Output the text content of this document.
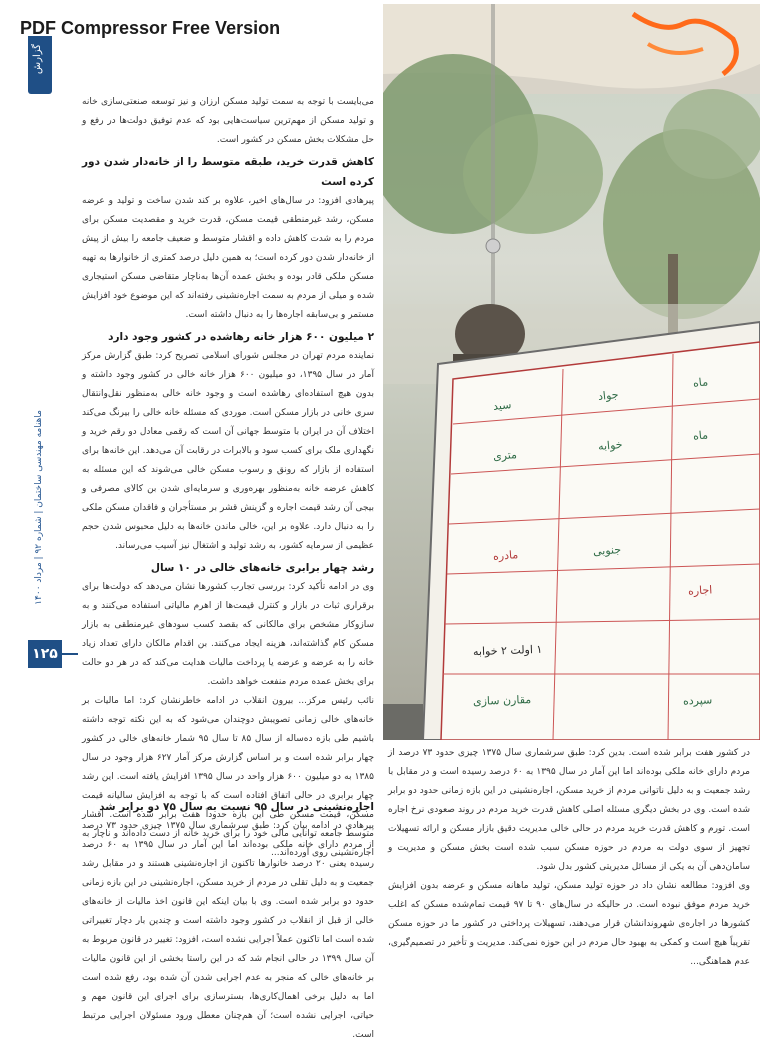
PDF Compressor Free Version
گزارش
ماهنامه مهندسی ساختمان | شماره ۹۲ | مرداد ۱۴۰۰
۱۲۵

می‌بایست با توجه به سمت تولید مسکن ارزان و نیز توسعه صنعتی‌سازی خانه و تولید مسکن از مهم‌ترین سیاست‌هایی بود که عدم توفیق دولت‌ها در رفع و حل مشکلات بخش مسکن در کشور است.

کاهش قدرت خرید، طبقه متوسط را از خانه‌دار شدن دور کرده است

پیرهادی افزود: در سال‌های اخیر، علاوه بر کند شدن ساخت و تولید و عرضه مسکن، رشد غیرمنطقی قیمت مسکن، قدرت خرید و مقصدیت مسکن برای مردم را به شدت کاهش داده و اقشار متوسط و ضعیف جامعه را بیش از پیش از خانه‌دار شدن دور کرده است؛ به همین دلیل درصد کمتری از خانوارها به تهیه مسکن ملکی قادر بوده و بخش عمده آن‌ها به‌ناچار متقاضی مسکن استیجاری شده و میلی از مردم به سمت اجاره‌نشینی رفته‌اند که این موضوع خود افزایش مستمر و بی‌سابقه اجاره‌ها را به دنبال داشته است.

۲ میلیون ۶۰۰ هزار خانه رهاشده در کشور وجود دارد

نماینده مردم تهران در مجلس شورای اسلامی تصریح کرد: طبق گزارش مرکز آمار در سال ۱۳۹۵، دو میلیون ۶۰۰ هزار خانه خالی در کشور وجود داشته و بدون هیچ استفاده‌ای رهاشده است و وجود خانه خالی به‌منظور نقل‌وانتقال سری خانی در بازار مسکن است. موردی که مسئله خانه خالی را بیرنگ می‌کند اختلاف آن در ایران با متوسط جهانی آن است که رقمی معادل دو رقم خرید و نگهداری ملک برای کسب سود و بالابرات در رقابت آن می‌دهد. این خانه‌ها برای استفاده از بازار که رونق و رسوب مسکن خالی می‌شوند که این مسئله به کاهش عرضه خانه به‌منظور بهره‌وری و سرمایه‌ای شدن بن کالای مصرفی و بیجی آن رشد قیمت اجاره و گزینش قشر بر مستأجران و فاقدان مسکن ملکی را به دنبال دارد. علاوه بر این، خالی ماندن خانه‌ها به دلیل محبوس شدن حجم عظیمی از سرمایه کشور، به رشد تولید و اشتغال نیز آسیب می‌رساند.

رشد چهار برابری خانه‌های خالی در ۱۰ سال

وی در ادامه تأکید کرد: بررسی تجارب کشورها نشان می‌دهد که دولت‌ها برای برقراری ثبات در بازار و کنترل قیمت‌ها از اهرم مالیاتی استفاده می‌کنند و به سازوکار مشخص برای مالکانی که بقصد کسب سودهای غیرمنطقی به بازار مسکن کام گذاشته‌اند، هزینه ایجاد می‌کنند. بن اقدام مالکان دارای تعداد زیاد خانه را به عرضه و عرضه یا پرداخت مالیات هدایت می‌کند که در هر دو حالت برای بخش عمده مردم منفعت خواهد داشت.

نائب رئیس مرکز... بیرون انقلاب در ادامه خاطرنشان کرد: اما ماليات بر خانه‌های خالی زمانی تصویبش دوچندان می‌شود که به این نکته توجه داشته باشیم طی بازه ده‌ساله از سال ۸۵ تا سال ۹۵ شمار خانه‌های خالی در کشور چهار برابر شده است و بر اساس گزارش مرکز آمار ۶۲۷ هزار وجود در سال ۱۳۸۵ به دو میلیون ۶۰۰ هزار واحد در سال ۱۳۹۵ افزایش یافته است. این رشد چهار برابری در حالی اتفاق افتاده است که با توجه به افزایش سالیانه قیمت مسکن، قیمت مسکن طی این بازه حدوداً هفت برابر شده است. اقشار متوسط جامعه توانایی مالی خود را برای خرید خانه از دست داده‌اند و ناچار به اجاره‌نشینی روی آورده‌اند...

اجاره‌نشینی در سال ۹۵ نسبت به سال ۷۵ دو برابر شد

پیرهادی در ادامه بیان کرد: طبق سرشماری سال ۱۳۷۵ چیزی حدود ۷۳ درصد از مردم دارای خانه ملکی بوده‌اند اما این آمار در سال ۱۳۹۵ به ۶۰ درصد رسیده یعنی ۲۰ درصد خانوارها تاکنون از اجاره‌نشینی هستند و در مقابل رشد جمعیت و به دلیل تقلی در مردم از خرید مسکن، اجاره‌نشینی در این بازه زمانی حدود دو برابر شده است. وی با بیان اینکه این قانون اخذ مالیات از خانه‌های خالی از قبل از انقلاب در کشور وجود داشته است و چندین بار دچار تغییراتی شده است اما تاکنون عملاً اجرایی نشده است، افزود: تغییر در قانون مربوط به آن سال ۱۳۹۹ در حالی انجام شد که در این راستا بخشی از این قانون مالیات بر خانه‌های خالی که منجر به عدم اجرایی شدن آن شده بود، رفع شده است اما به دلیل برخی اهمال‌کاری‌ها، بسترسازی برای اجرای این قانون مهم و حیاتی، اجرایی نشده است؛ آن هم‌چنان معطل ورود مسئولان اجرایی مرتبط است.

سید
جواد
ماه
متری
خوابه
ماه
مادره	جنوبی
اجاره
۱ اولت ۲ خوابه
مقارن سازی	سپرده

در کشور هفت برابر شده است. بدین کرد: طبق سرشماری سال ۱۳۷۵ چیزی حدود ۷۳ درصد از مردم دارای خانه ملکی بوده‌اند اما این آمار در سال ۱۳۹۵ به ۶۰ درصد رسیده است و در مقابل با رشد جمعیت و به دلیل ناتوانی مردم از خرید مسکن، اجاره‌نشینی در این بازه زمانی حدود دو برابر شده است. وی در بخش دیگری مسئله اصلی کاهش قدرت خرید مردم در روند صعودی نرخ اجاره است. تورم و کاهش قدرت خرید مردم در حالی خالی مدیریت دقیق بازار مسکن و ارائه تسهیلات تجهیز از سوی دولت به مردم در حوزه مسکن سبب شده است بخش مسکن و مدیریت و سامان‌دهی آن به یکی از مسائل مدیریتی کشور بدل شود.

وی افزود: مطالعه نشان داد در حوزه تولید مسکن، تولید ماهانه مسکن و عرضه بدون افزایش خرید مردم موفق نبوده است. در حالیکه در سال‌های ۹۰ تا ۹۷ قیمت تمام‌شده مسکن که اغلب کشورها در اجاره‌ی شهروندانشان قرار می‌دهند، تسهیلات پرداختی در کشور ما در حوزه مسکن تقریباً هیچ است و کمکی به بهبود حال مردم در این حوزه نمی‌کند. مدیریت و تأخیر در تصمیم‌گیری، عدم هماهنگی...
